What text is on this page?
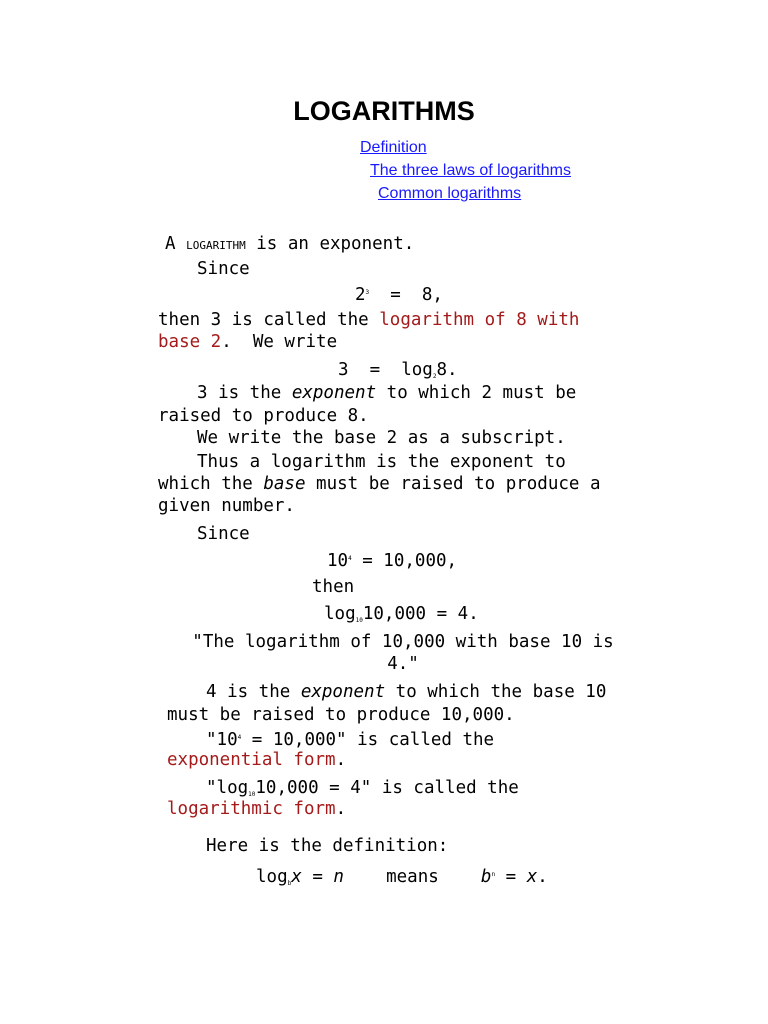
LOGARITHMS
Definition
The three laws of logarithms
Common logarithms
A LOGARITHM is an exponent.
Since
$2^3 = 8$,
then 3 is called the logarithm of 8 with
base 2.  We write
$3 = \log_28$.
3 is the exponent to which 2 must be
raised to produce 8.
We write the base 2 as a subscript.
Thus a logarithm is the exponent to
which the base must be raised to produce a
given number.
Since
$10^4 = 10,000$,
then
$\log_{10}10,000 = 4$.
"The logarithm of 10,000 with base 10 is
4."
4 is the exponent to which the base 10
must be raised to produce 10,000.
"$10^4 = 10,000$" is called the
exponential form.
"$\log_{10}10,000 = 4$" is called the
logarithmic form.
Here is the definition:
$\log_bx = n$    means    $b^n = x$.
